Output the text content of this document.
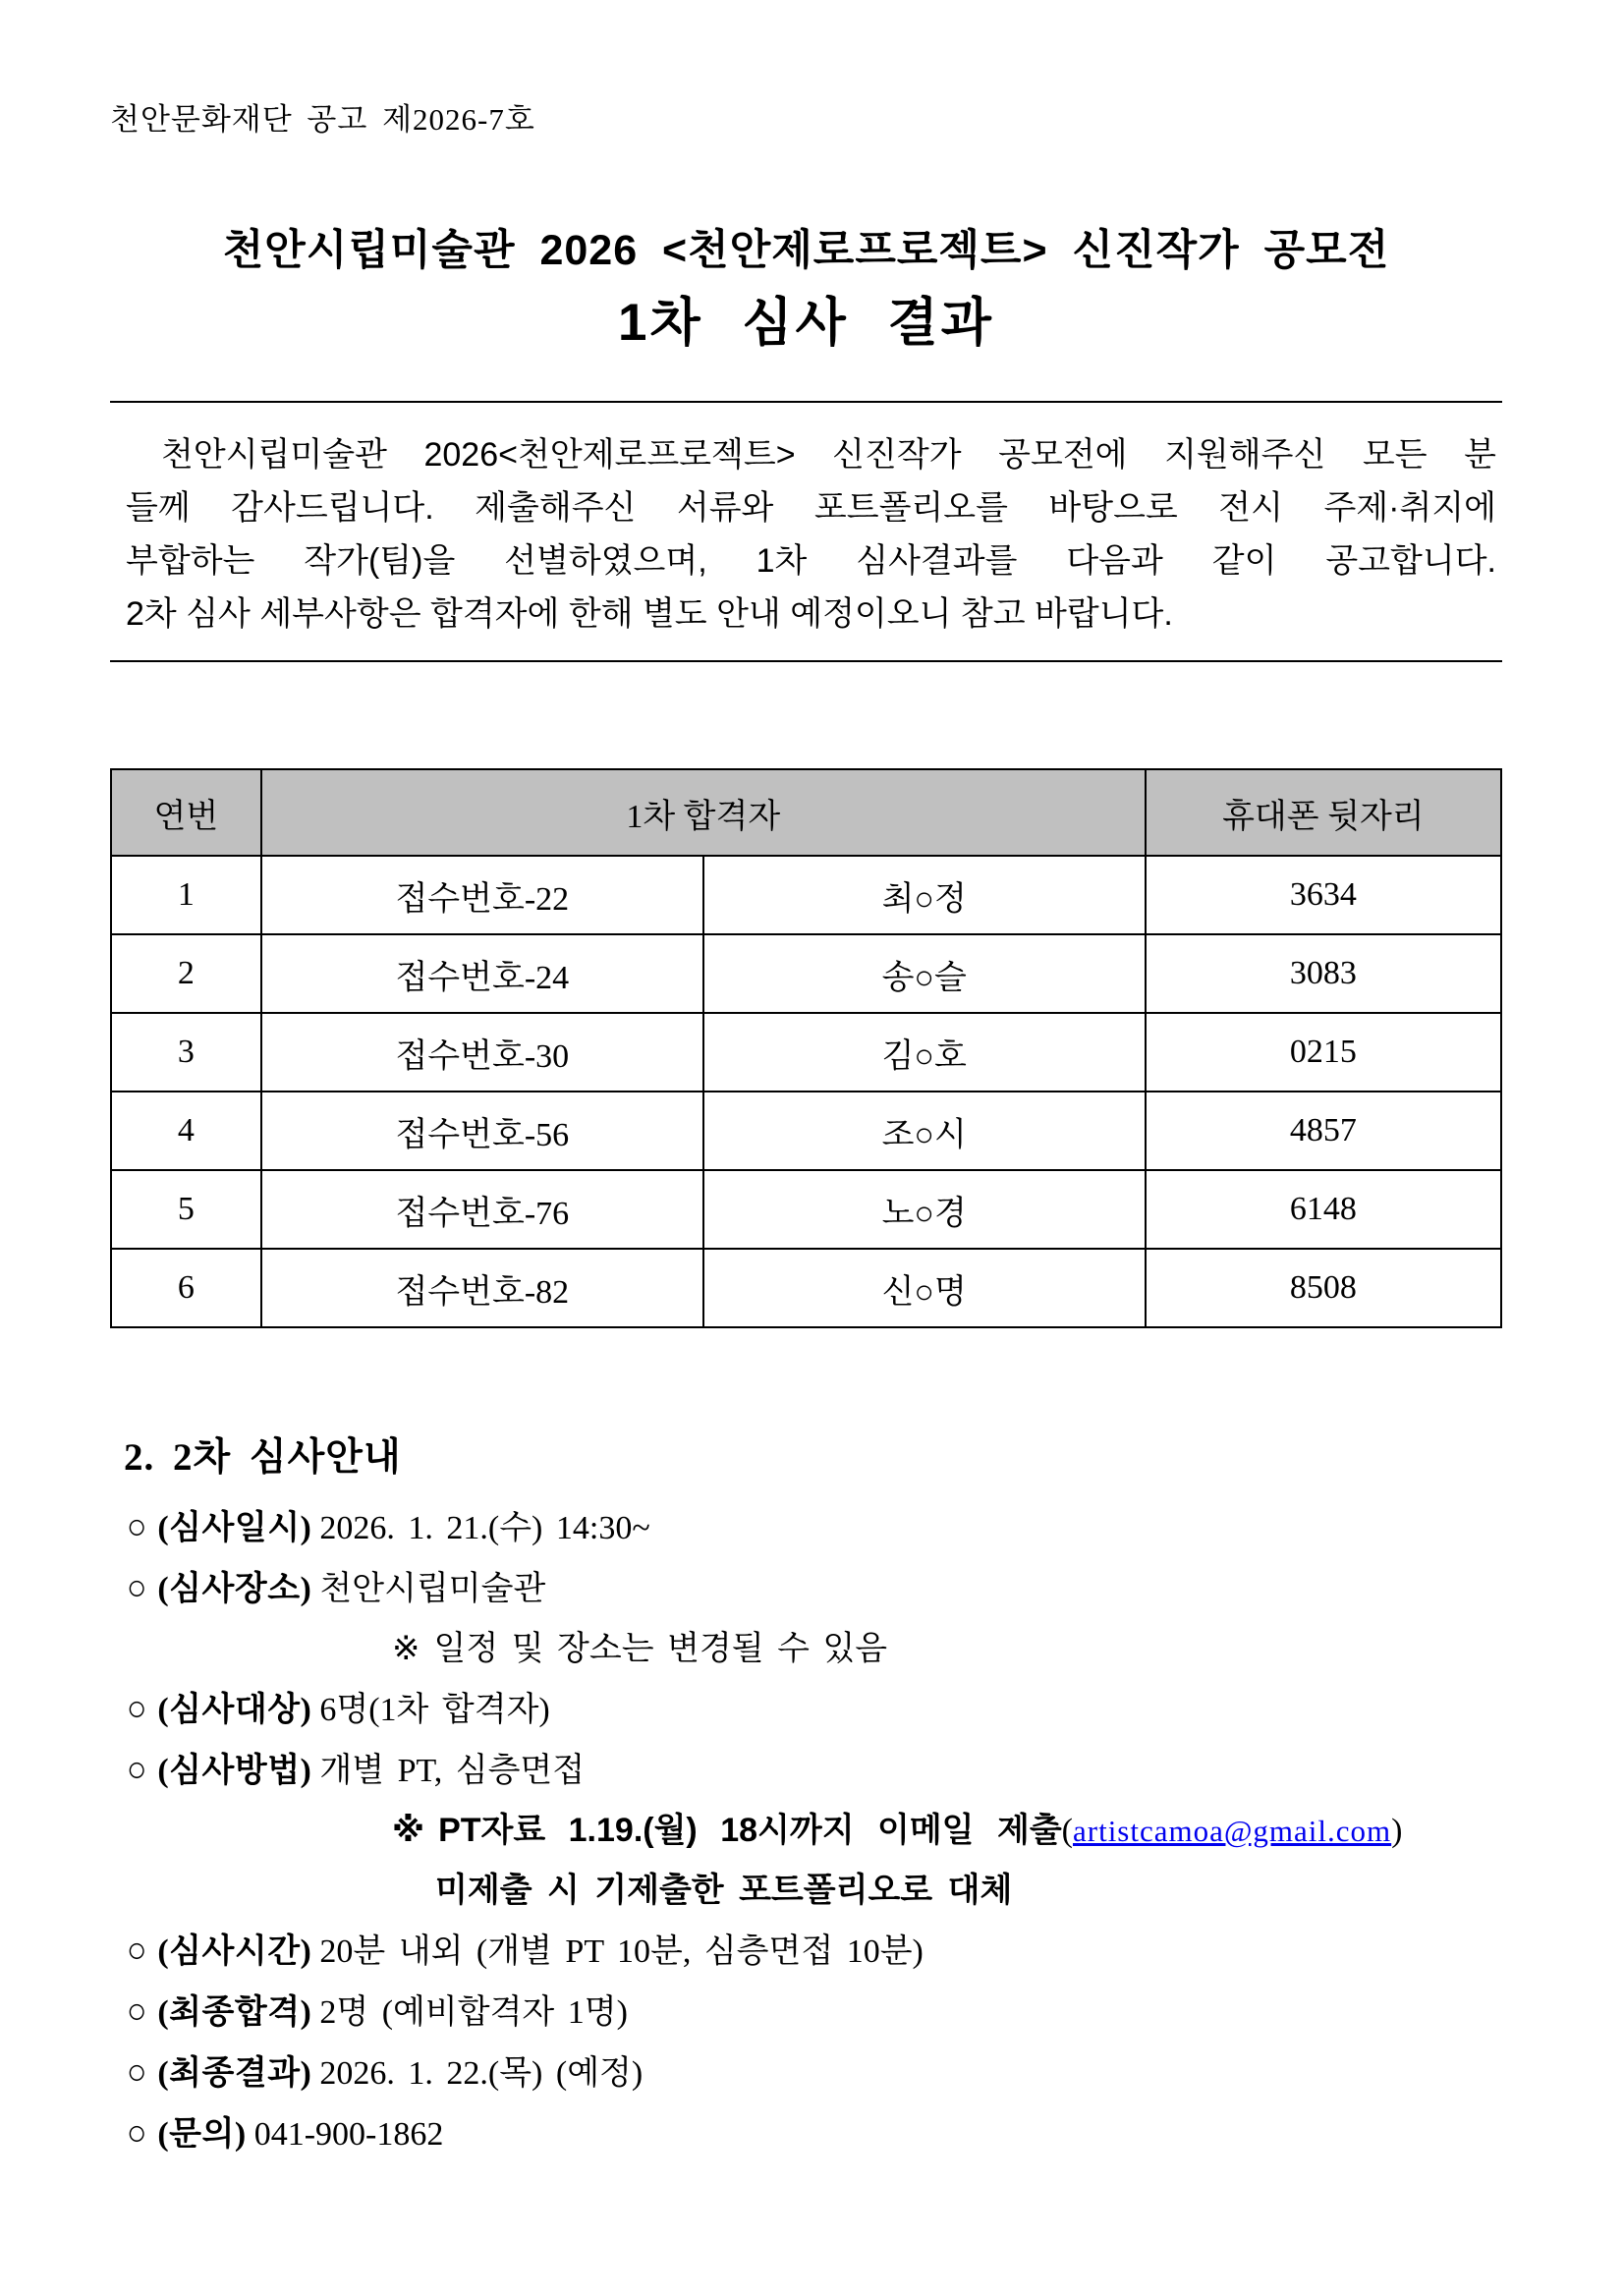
천안문화재단 공고 제2026-7호
천안시립미술관 2026 <천안제로프로젝트> 신진작가 공모전
1차 심사 결과
천안시립미술관 2026<천안제로프로젝트> 신진작가 공모전에 지원해주신 모든 분
들께 감사드립니다. 제출해주신 서류와 포트폴리오를 바탕으로 전시 주제·취지에
부합하는 작가(팀)을 선별하였으며, 1차 심사결과를 다음과 같이 공고합니다.
2차 심사 세부사항은 합격자에 한해 별도 안내 예정이오니 참고 바랍니다.
연번	1차 합격자		휴대폰 뒷자리
1	접수번호-22	최○정	3634
2	접수번호-24	송○슬	3083
3	접수번호-30	김○호	0215
4	접수번호-56	조○시	4857
5	접수번호-76	노○경	6148
6	접수번호-82	신○명	8508
2. 2차 심사안내
○ (심사일시) 2026. 1. 21.(수) 14:30~
○ (심사장소) 천안시립미술관
※ 일정 및 장소는 변경될 수 있음
○ (심사대상) 6명(1차 합격자)
○ (심사방법) 개별 PT, 심층면접
※ PT자료 1.19.(월) 18시까지 이메일 제출(artistcamoa@gmail.com)
미제출 시 기제출한 포트폴리오로 대체
○ (심사시간) 20분 내외 (개별 PT 10분, 심층면접 10분)
○ (최종합격) 2명 (예비합격자 1명)
○ (최종결과) 2026. 1. 22.(목) (예정)
○ (문의) 041-900-1862
